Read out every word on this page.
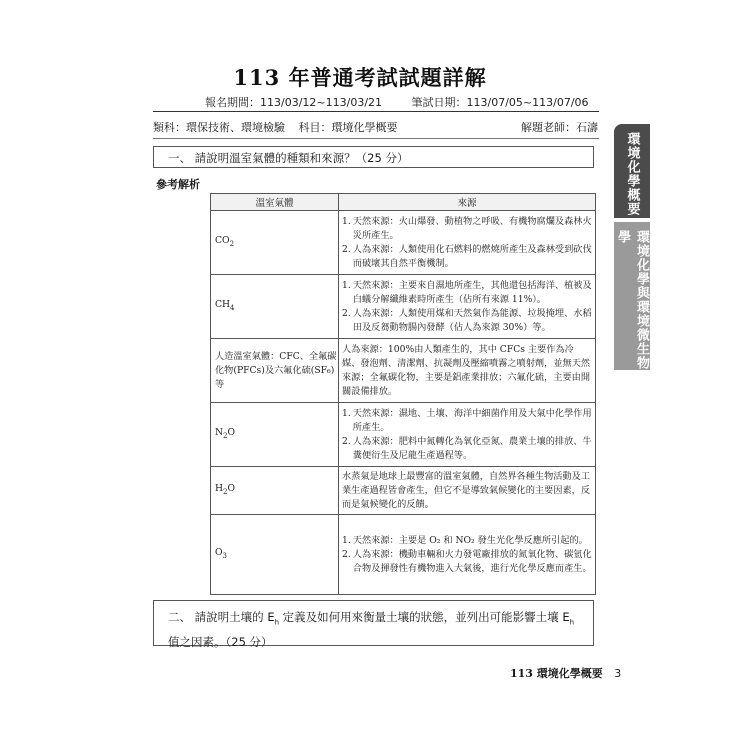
113 年普通考試試題詳解
報名期間：113/03/12~113/03/21	筆試日期：113/07/05~113/07/06
類科：環保技術、環境檢驗 科目：環境化學概要	解題老師：石濤
環境化學概要
環境化學與環境微生物學
一、 請說明溫室氣體的種類和來源？（25 分）
參考解析
溫室氣體	來源
$CO_2$	1. 天然來源：火山爆發、動植物之呼吸、有機物腐爛及森林火災所產生。
2. 人為來源：人類使用化石燃料的燃燒所產生及森林受到砍伐而破壞其自然平衡機制。

$CH_4$	1. 天然來源：主要來自濕地所產生，其他還包括海洋、植被及白蟻分解纖維素時所產生（佔所有來源 11%）。
2. 人為來源：人類使用煤和天然氣作為能源、垃圾掩埋、水稻田及反芻動物腸內發酵（佔人為來源 30%）等。

人造溫室氣體：CFC、全氟碳化物(PFCs)及六氟化硫(SF₆)等	人為來源：100%由人類產生的，其中 CFCs 主要作為冷媒、發泡劑、清潔劑、抗凝劑及壓縮噴霧之噴射劑，並無天然來源；全氟碳化物，主要是鋁產業排放；六氟化硫，主要由開關設備排放。

$N_2O$	1. 天然來源：濕地、土壤、海洋中細菌作用及大氣中化學作用所產生。
2. 人為來源：肥料中氮轉化為氧化亞氮、農業土壤的排放、牛糞便衍生及尼龍生產過程等。

$H_2O$	水蒸氣是地球上最豐富的溫室氣體，自然界各種生物活動及工業生產過程皆會產生，但它不是導致氣候變化的主要因素，反而是氣候變化的反饋。

$O_3$	1. 天然來源：主要是 O₂ 和 NO₂ 發生光化學反應所引起的。
2. 人為來源：機動車輛和火力發電廠排放的氮氧化物、碳氫化合物及揮發性有機物進入大氣後，進行光化學反應而產生。
二、 請說明土壤的 $E_h$ 定義及如何用來衡量土壤的狀態，並列出可能影響土壤 $E_h$ 值之因素。（25 分）
113 環境化學概要 3
